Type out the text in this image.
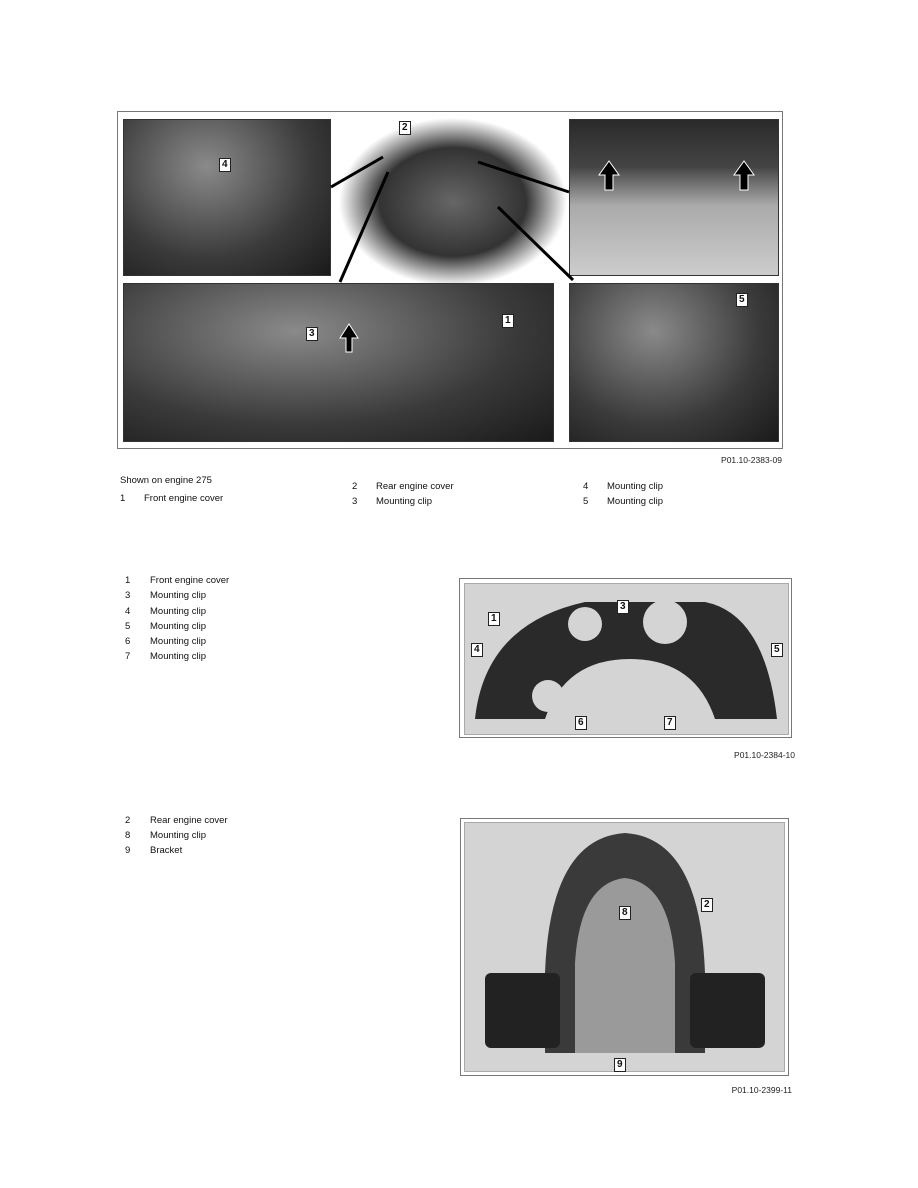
4
2
1
3
5
P01.10-2383-09
Shown on engine 275
1 Front engine cover
2 Rear engine cover
3 Mounting clip
4 Mounting clip
5 Mounting clip
1 Front engine cover
3 Mounting clip
4 Mounting clip
5 Mounting clip
6 Mounting clip
7 Mounting clip
1
3
4	5
6	7
P01.10-2384-10
2 Rear engine cover
8 Mounting clip
9 Bracket
2
8
9
P01.10-2399-11
